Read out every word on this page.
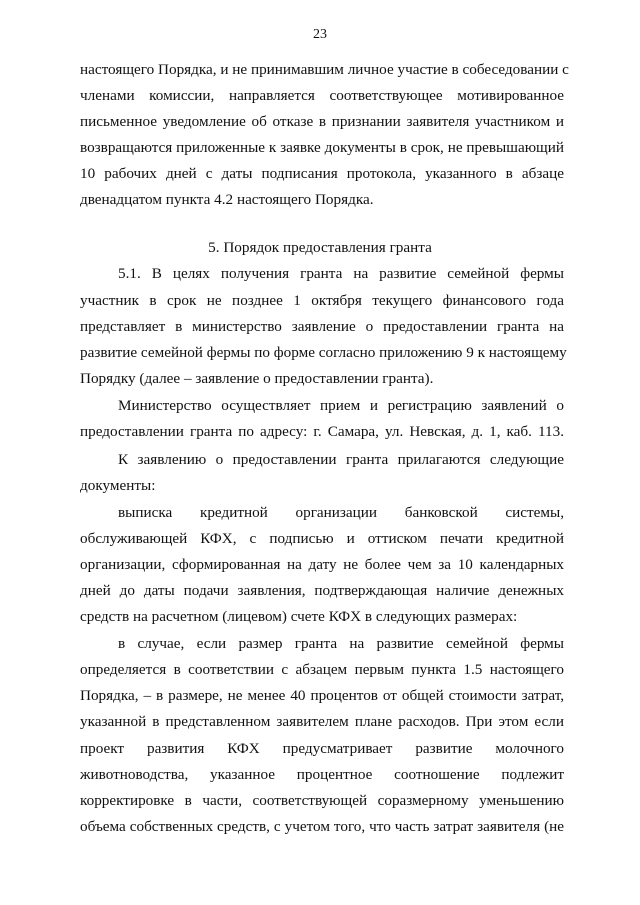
23
настоящего Порядка, и не принимавшим личное участие в собеседовании с
членами комиссии, направляется соответствующее мотивированное
письменное уведомление об отказе в признании заявителя участником и
возвращаются приложенные к заявке документы в срок, не превышающий
10 рабочих дней с даты подписания протокола, указанного в абзаце
двенадцатом пункта 4.2 настоящего Порядка.
5. Порядок предоставления гранта
5.1. В целях получения гранта на развитие семейной фермы
участник в срок не позднее 1 октября текущего финансового года
представляет в министерство заявление о предоставлении гранта на
развитие семейной фермы по форме согласно приложению 9 к настоящему
Порядку (далее – заявление о предоставлении гранта).
Министерство осуществляет прием и регистрацию заявлений о
предоставлении гранта по адресу: г. Самара, ул. Невская, д. 1, каб. 113.
К заявлению о предоставлении гранта прилагаются следующие
документы:
выписка кредитной организации банковской системы,
обслуживающей КФХ, с подписью и оттиском печати кредитной
организации, сформированная на дату не более чем за 10 календарных
дней до даты подачи заявления, подтверждающая наличие денежных
средств на расчетном (лицевом) счете КФХ в следующих размерах:
в случае, если размер гранта на развитие семейной фермы
определяется в соответствии с абзацем первым пункта 1.5 настоящего
Порядка, – в размере, не менее 40 процентов от общей стоимости затрат,
указанной в представленном заявителем плане расходов. При этом если
проект развития КФХ предусматривает развитие молочного
животноводства, указанное процентное соотношение подлежит
корректировке в части, соответствующей соразмерному уменьшению
объема собственных средств, с учетом того, что часть затрат заявителя (не
